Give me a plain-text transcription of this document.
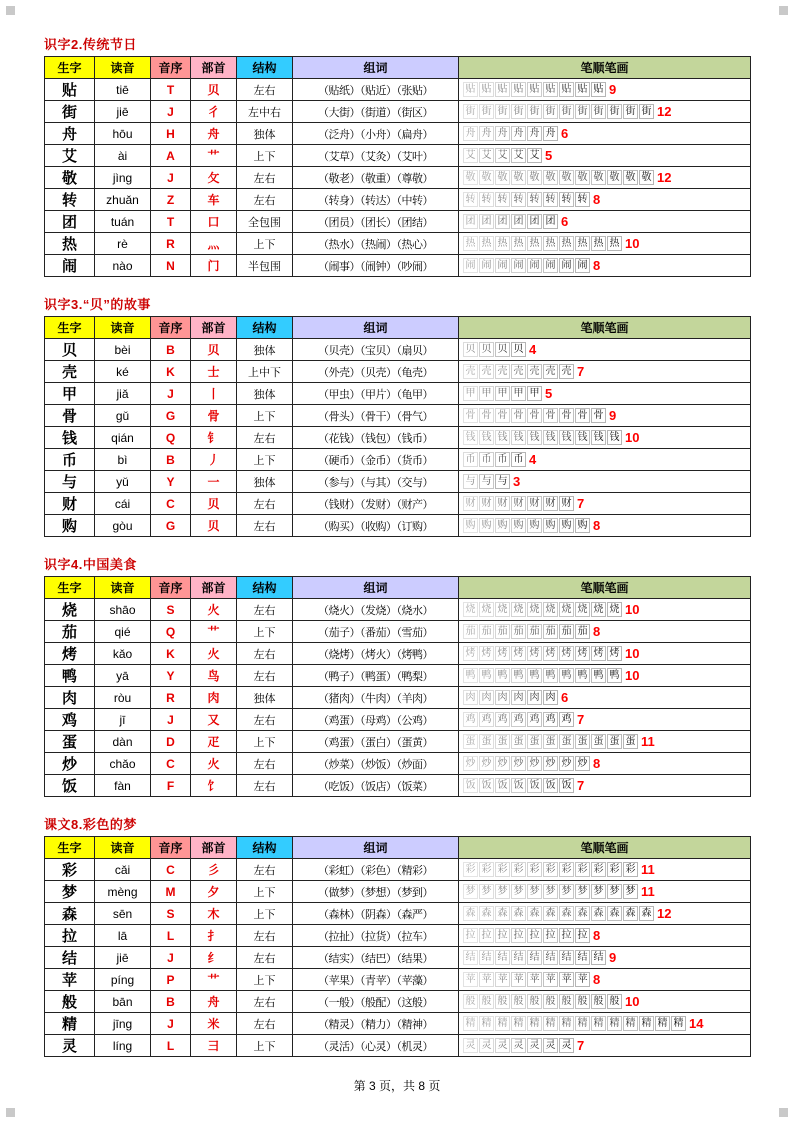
识字2.传统节日
生字	读音	音序	部首	结构	组词	笔顺笔画
贴	tiē	T	贝	左右	（贴纸）（贴近）（张贴）	贴 贴 贴 贴 贴 贴 贴 贴 贴 9
街	jiē	J	彳	左中右	（大街）（街道）（街区）	街 街 街 街 街 街 街 街 街 街 街 街 12
舟	hōu	H	舟	独体	（泛舟）（小舟）（扁舟）	舟 舟 舟 舟 舟 舟 6
艾	ài	A	艹	上下	（艾草）（艾灸）（艾叶）	艾 艾 艾 艾 艾 5
敬	jìng	J	攵	左右	（敬老）（敬重）（尊敬）	敬 敬 敬 敬 敬 敬 敬 敬 敬 敬 敬 敬 12
转	zhuǎn	Z	车	左右	（转身）（转达）（中转）	转 转 转 转 转 转 转 转 8
团	tuán	T	口	全包围	（团员）（团长）（团结）	团 团 团 团 团 团 6
热	rè	R	灬	上下	（热水）（热闹）（热心）	热 热 热 热 热 热 热 热 热 热 10
闹	nào	N	门	半包围	（闹事）（闹钟）（吵闹）	闹 闹 闹 闹 闹 闹 闹 闹 8
识字3.“贝”的故事
生字	读音	音序	部首	结构	组词	笔顺笔画
贝	bèi	B	贝	独体	（贝壳）（宝贝）（扇贝）	贝 贝 贝 贝 4
壳	ké	K	士	上中下	（外壳）（贝壳）（龟壳）	壳 壳 壳 壳 壳 壳 壳 7
甲	jiǎ	J	丨	独体	（甲虫）（甲片）（龟甲）	甲 甲 甲 甲 甲 5
骨	gǔ	G	骨	上下	（骨头）（骨干）（骨气）	骨 骨 骨 骨 骨 骨 骨 骨 骨 9
钱	qián	Q	钅	左右	（花钱）（钱包）（钱币）	钱 钱 钱 钱 钱 钱 钱 钱 钱 钱 10
币	bì	B	丿	上下	（硬币）（金币）（货币）	币 币 币 币 4
与	yǔ	Y	一	独体	（参与）（与其）（交与）	与 与 与 3
财	cái	C	贝	左右	（钱财）（发财）（财产）	财 财 财 财 财 财 财 7
购	gòu	G	贝	左右	（购买）（收购）（订购）	购 购 购 购 购 购 购 购 8
识字4.中国美食
生字	读音	音序	部首	结构	组词	笔顺笔画
烧	shāo	S	火	左右	（烧火）（发烧）（烧水）	烧 烧 烧 烧 烧 烧 烧 烧 烧 烧 10
茄	qié	Q	艹	上下	（茄子）（番茄）（雪茄）	茄 茄 茄 茄 茄 茄 茄 茄 8
烤	kǎo	K	火	左右	（烧烤）（烤火）（烤鸭）	烤 烤 烤 烤 烤 烤 烤 烤 烤 烤 10
鸭	yā	Y	鸟	左右	（鸭子）（鸭蛋）（鸭梨）	鸭 鸭 鸭 鸭 鸭 鸭 鸭 鸭 鸭 鸭 10
肉	ròu	R	肉	独体	（猪肉）（牛肉）（羊肉）	肉 肉 肉 肉 肉 肉 6
鸡	jī	J	又	左右	（鸡蛋）（母鸡）（公鸡）	鸡 鸡 鸡 鸡 鸡 鸡 鸡 7
蛋	dàn	D	疋	上下	（鸡蛋）（蛋白）（蛋黄）	蛋 蛋 蛋 蛋 蛋 蛋 蛋 蛋 蛋 蛋 蛋 11
炒	chǎo	C	火	左右	（炒菜）（炒饭）（炒面）	炒 炒 炒 炒 炒 炒 炒 炒 8
饭	fàn	F	饣	左右	（吃饭）（饭店）（饭菜）	饭 饭 饭 饭 饭 饭 饭 7
课文8.彩色的梦
生字	读音	音序	部首	结构	组词	笔顺笔画
彩	cǎi	C	彡	左右	（彩虹）（彩色）（精彩）	彩 彩 彩 彩 彩 彩 彩 彩 彩 彩 彩 11
梦	mèng	M	夕	上下	（做梦）（梦想）（梦到）	梦 梦 梦 梦 梦 梦 梦 梦 梦 梦 梦 11
森	sēn	S	木	上下	（森林）（阴森）（森严）	森 森 森 森 森 森 森 森 森 森 森 森 12
拉	lā	L	扌	左右	（拉扯）（拉货）（拉车）	拉 拉 拉 拉 拉 拉 拉 拉 8
结	jiē	J	纟	左右	（结实）（结巴）（结果）	结 结 结 结 结 结 结 结 结 9
苹	píng	P	艹	上下	（苹果）（青苹）（苹藻）	苹 苹 苹 苹 苹 苹 苹 苹 8
般	bān	B	舟	左右	（一般）（般配）（这般）	般 般 般 般 般 般 般 般 般 般 10
精	jīng	J	米	左右	（精灵）（精力）（精神）	精 精 精 精 精 精 精 精 精 精 精 精 精 精 14
灵	líng	L	彐	上下	（灵活）（心灵）（机灵）	灵 灵 灵 灵 灵 灵 灵 7
第 3 页，共 8 页
